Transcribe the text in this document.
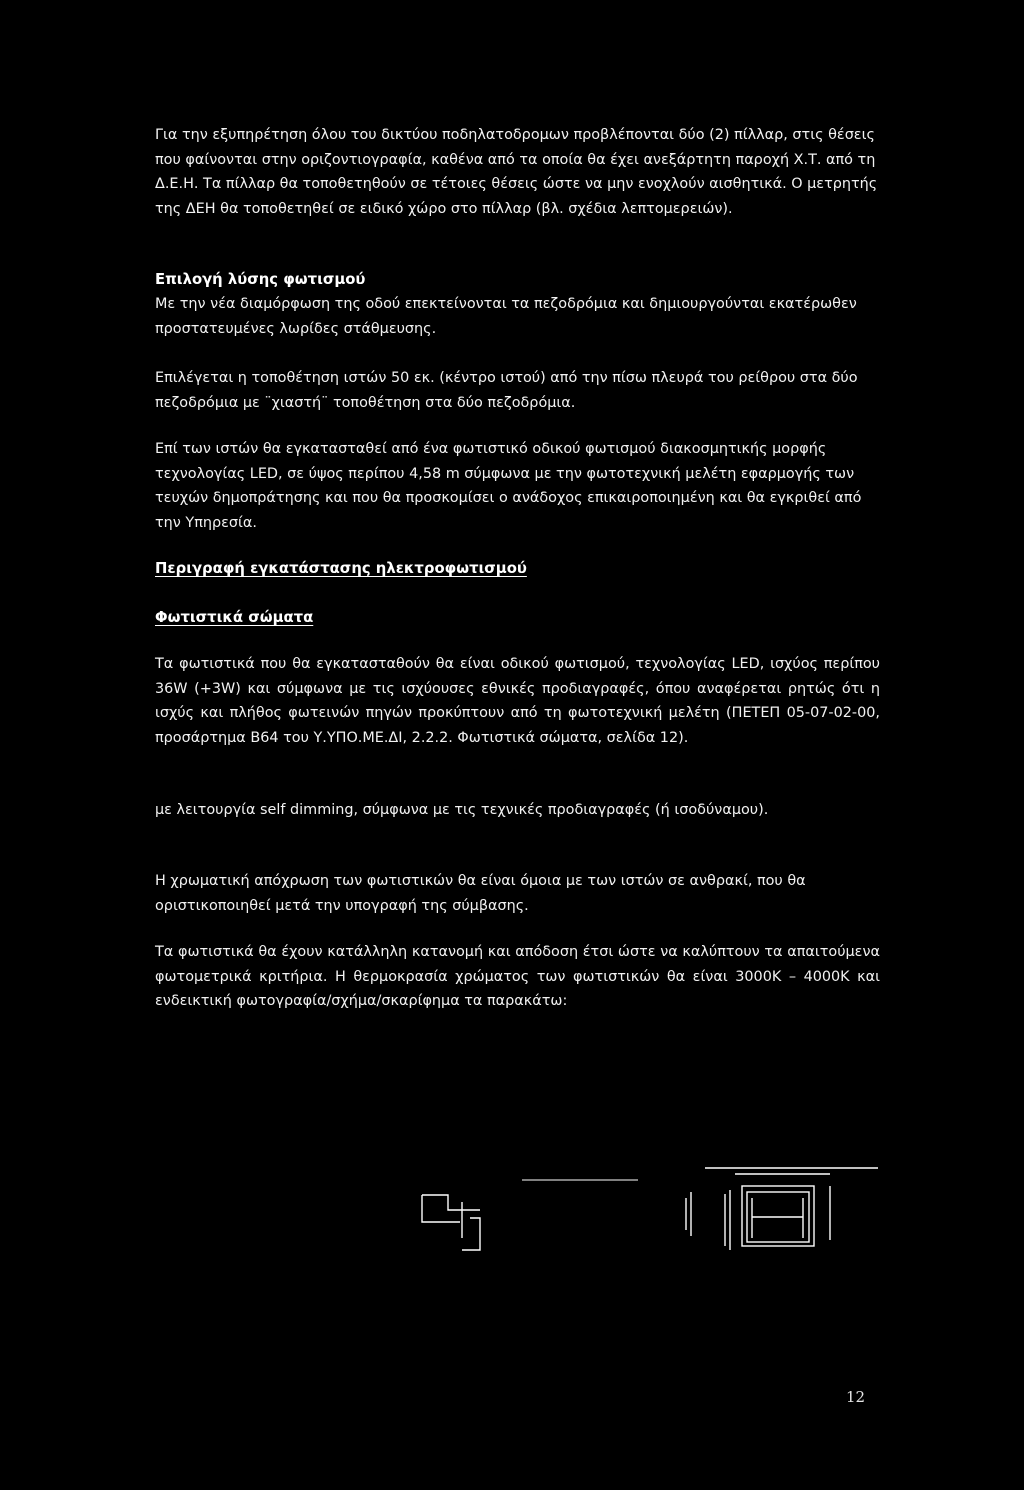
Για την εξυπηρέτηση όλου του δικτύου ποδηλατοδρομων προβλέπονται δύο (2) πίλλαρ, στις θέσεις που φαίνονται στην οριζοντιογραφία, καθένα από τα οποία θα έχει ανεξάρτητη παροχή Χ.Τ. από τη Δ.Ε.Η. Τα πίλλαρ θα τοποθετηθούν σε τέτοιες θέσεις ώστε να μην ενοχλούν αισθητικά. Ο μετρητής της ΔΕΗ θα τοποθετηθεί σε ειδικό χώρο στο πίλλαρ (βλ. σχέδια λεπτομερειών).

Επιλογή λύσης φωτισμού

Με την νέα διαμόρφωση της οδού επεκτείνονται τα πεζοδρόμια και δημιουργούνται εκατέρωθεν προστατευμένες λωρίδες στάθμευσης.

Επιλέγεται η τοποθέτηση ιστών 50 εκ. (κέντρο ιστού) από την πίσω πλευρά του ρείθρου στα δύο πεζοδρόμια με ¨χιαστή¨ τοποθέτηση στα δύο πεζοδρόμια.

Επί των ιστών θα εγκατασταθεί από ένα φωτιστικό οδικού φωτισμού διακοσμητικής μορφής τεχνολογίας LED, σε ύψος περίπου 4,58 m σύμφωνα με την φωτοτεχνική μελέτη εφαρμογής των τευχών δημοπράτησης και που θα προσκομίσει ο ανάδοχος επικαιροποιημένη και θα εγκριθεί από την Υπηρεσία.

Περιγραφή εγκατάστασης ηλεκτροφωτισμού

Φωτιστικά σώματα

Τα φωτιστικά που θα εγκατασταθούν θα είναι οδικού φωτισμού, τεχνολογίας LED, ισχύος περίπου 36W (+3W) και σύμφωνα με τις ισχύουσες εθνικές προδιαγραφές, όπου αναφέρεται ρητώς ότι η ισχύς και πλήθος φωτεινών πηγών προκύπτουν από τη φωτοτεχνική μελέτη (ΠΕΤΕΠ 05-07-02-00, προσάρτημα Β64 του Υ.ΥΠΟ.ΜΕ.ΔΙ, 2.2.2. Φωτιστικά σώματα, σελίδα 12).

με λειτουργία self dimming, σύμφωνα με τις τεχνικές προδιαγραφές (ή ισοδύναμου).

Η χρωματική απόχρωση των φωτιστικών θα είναι όμοια με των ιστών σε ανθρακί, που θα οριστικοποιηθεί μετά την υπογραφή της σύμβασης.

Τα φωτιστικά θα έχουν κατάλληλη κατανομή και απόδοση έτσι ώστε να καλύπτουν τα απαιτούμενα φωτομετρικά κριτήρια. Η θερμοκρασία χρώματος των φωτιστικών θα είναι 3000K – 4000K και ενδεικτική φωτογραφία/σχήμα/σκαρίφημα τα παρακάτω:

12
